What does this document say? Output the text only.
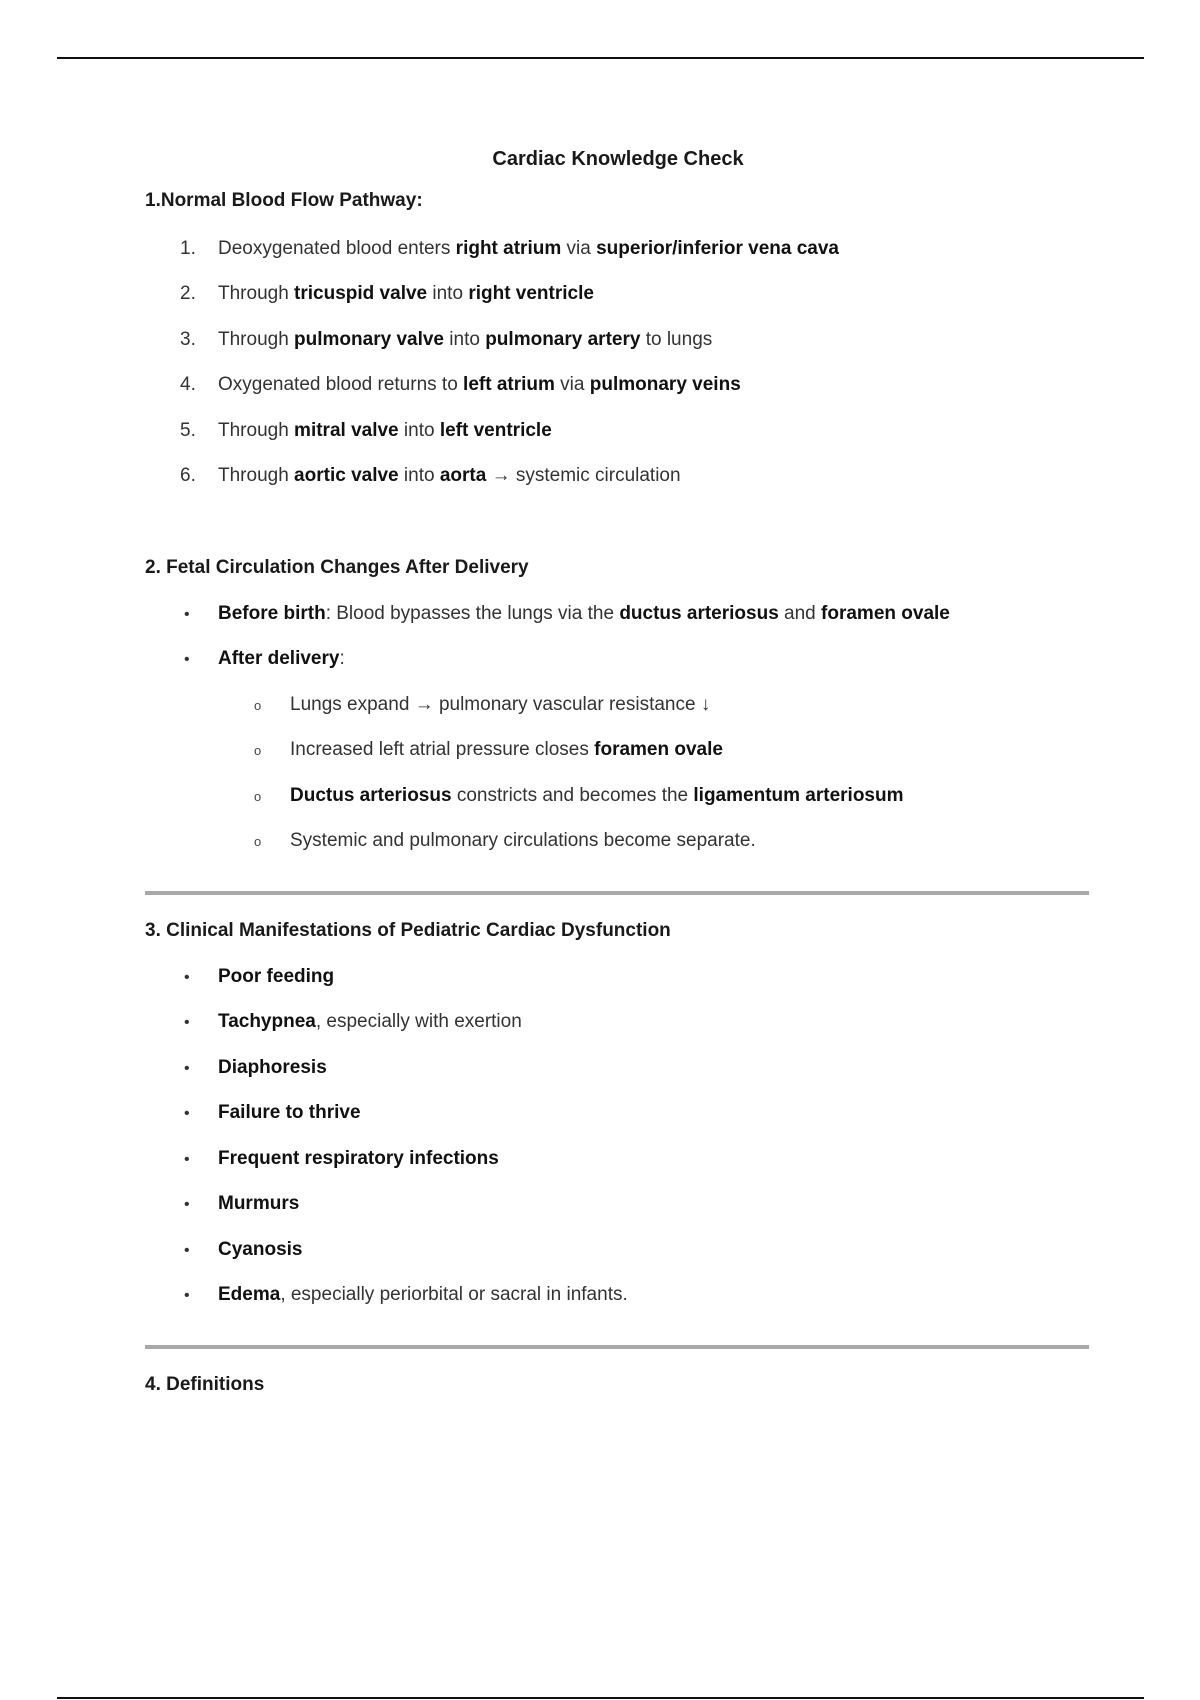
Cardiac Knowledge Check
1.Normal Blood Flow Pathway:
1. Deoxygenated blood enters right atrium via superior/inferior vena cava
2. Through tricuspid valve into right ventricle
3. Through pulmonary valve into pulmonary artery to lungs
4. Oxygenated blood returns to left atrium via pulmonary veins
5. Through mitral valve into left ventricle
6. Through aortic valve into aorta → systemic circulation
2. Fetal Circulation Changes After Delivery
• Before birth: Blood bypasses the lungs via the ductus arteriosus and foramen ovale
• After delivery:
o Lungs expand → pulmonary vascular resistance ↓
o Increased left atrial pressure closes foramen ovale
o Ductus arteriosus constricts and becomes the ligamentum arteriosum
o Systemic and pulmonary circulations become separate.
3. Clinical Manifestations of Pediatric Cardiac Dysfunction
• Poor feeding
• Tachypnea, especially with exertion
• Diaphoresis
• Failure to thrive
• Frequent respiratory infections
• Murmurs
• Cyanosis
• Edema, especially periorbital or sacral in infants.
4. Definitions
